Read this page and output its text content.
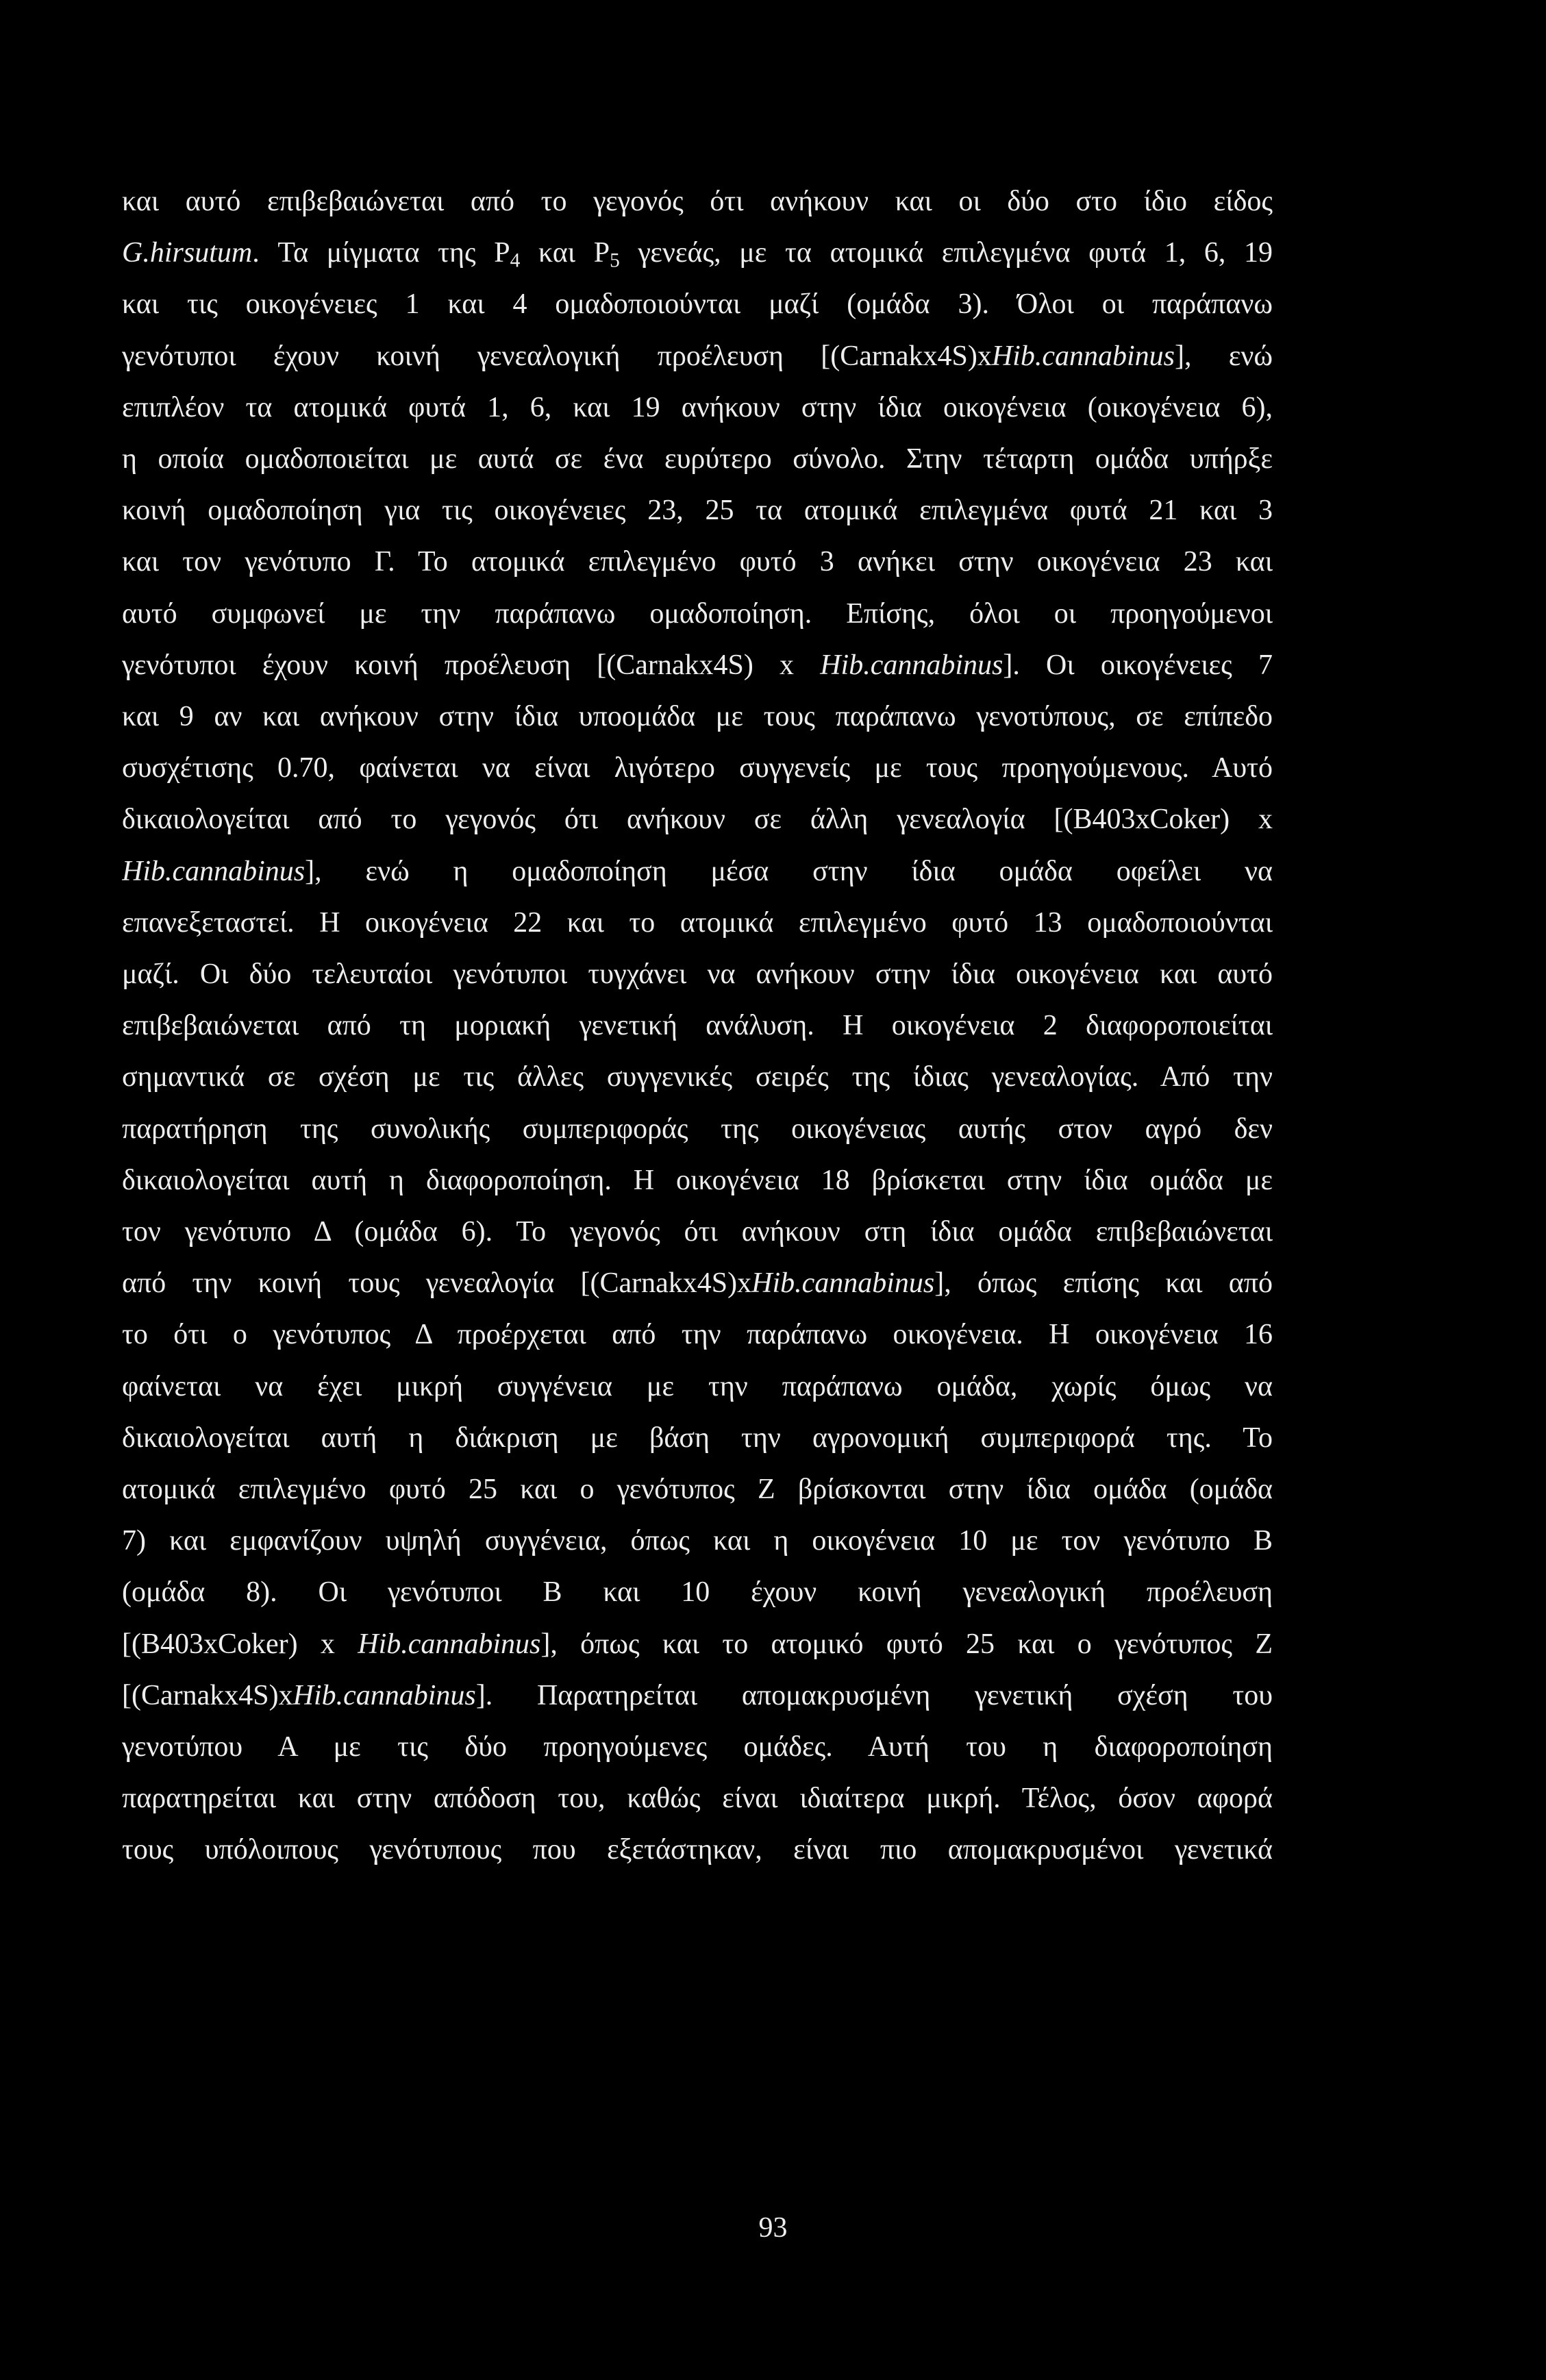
και αυτό επιβεβαιώνεται από το γεγονός ότι ανήκουν και οι δύο στο ίδιο είδος
G.hirsutum. Τα μίγματα της Ρ4 και Ρ5 γενεάς, με τα ατομικά επιλεγμένα φυτά 1, 6, 19
και τις οικογένειες 1 και 4 ομαδοποιούνται μαζί (ομάδα 3). Όλοι οι παράπανω
γενότυποι έχουν κοινή γενεαλογική προέλευση [(Carnakx4S)xHib.cannabinus], ενώ
επιπλέον τα ατομικά φυτά 1, 6, και 19 ανήκουν στην ίδια οικογένεια (οικογένεια 6),
η οποία ομαδοποιείται με αυτά σε ένα ευρύτερο σύνολο. Στην τέταρτη ομάδα υπήρξε
κοινή ομαδοποίηση για τις οικογένειες 23, 25 τα ατομικά επιλεγμένα φυτά 21 και 3
και τον γενότυπο Γ. Το ατομικά επιλεγμένο φυτό 3 ανήκει στην οικογένεια 23 και
αυτό συμφωνεί με την παράπανω ομαδοποίηση. Επίσης, όλοι οι προηγούμενοι
γενότυποι έχουν κοινή προέλευση [(Carnakx4S) x Hib.cannabinus]. Οι οικογένειες 7
και 9 αν και ανήκουν στην ίδια υποομάδα με τους παράπανω γενοτύπους, σε επίπεδο
συσχέτισης 0.70, φαίνεται να είναι λιγότερο συγγενείς με τους προηγούμενους. Αυτό
δικαιολογείται από το γεγονός ότι ανήκουν σε άλλη γενεαλογία [(B403xCoker) x
Hib.cannabinus], ενώ η ομαδοποίηση μέσα στην ίδια ομάδα οφείλει να
επανεξεταστεί. Η οικογένεια 22 και το ατομικά επιλεγμένο φυτό 13 ομαδοποιούνται
μαζί. Οι δύο τελευταίοι γενότυποι τυγχάνει να ανήκουν στην ίδια οικογένεια και αυτό
επιβεβαιώνεται από τη μοριακή γενετική ανάλυση. Η οικογένεια 2 διαφοροποιείται
σημαντικά σε σχέση με τις άλλες συγγενικές σειρές της ίδιας γενεαλογίας. Από την
παρατήρηση της συνολικής συμπεριφοράς της οικογένειας αυτής στον αγρό δεν
δικαιολογείται αυτή η διαφοροποίηση. Η οικογένεια 18 βρίσκεται στην ίδια ομάδα με
τον γενότυπο Δ (ομάδα 6). Το γεγονός ότι ανήκουν στη ίδια ομάδα επιβεβαιώνεται
από την κοινή τους γενεαλογία [(Carnakx4S)xHib.cannabinus], όπως επίσης και από
το ότι ο γενότυπος Δ προέρχεται από την παράπανω οικογένεια. Η οικογένεια 16
φαίνεται να έχει μικρή συγγένεια με την παράπανω ομάδα, χωρίς όμως να
δικαιολογείται αυτή η διάκριση με βάση την αγρονομική συμπεριφορά της. Το
ατομικά επιλεγμένο φυτό 25 και ο γενότυπος Ζ βρίσκονται στην ίδια ομάδα (ομάδα
7) και εμφανίζουν υψηλή συγγένεια, όπως και η οικογένεια 10 με τον γενότυπο Β
(ομάδα 8). Οι γενότυποι Β και 10 έχουν κοινή γενεαλογική προέλευση
[(B403xCoker) x Hib.cannabinus], όπως και το ατομικό φυτό 25 και ο γενότυπος Ζ
[(Carnakx4S)xHib.cannabinus]. Παρατηρείται απομακρυσμένη γενετική σχέση του
γενοτύπου Α με τις δύο προηγούμενες ομάδες. Αυτή του η διαφοροποίηση
παρατηρείται και στην απόδοση του, καθώς είναι ιδιαίτερα μικρή. Τέλος, όσον αφορά
τους υπόλοιπους γενότυπους που εξετάστηκαν, είναι πιο απομακρυσμένοι γενετικά
93
